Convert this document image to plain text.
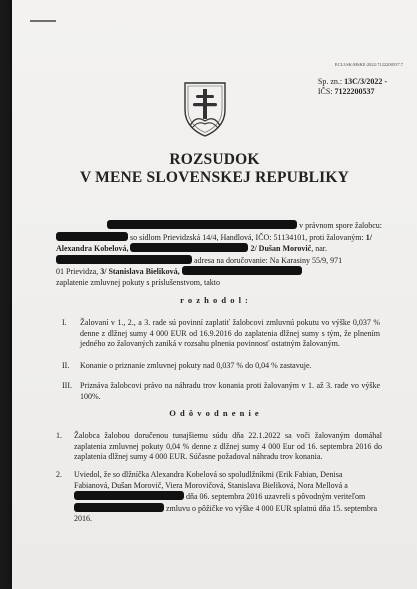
ECLI:SK:MSKE:2022:7122200537.7
Sp. zn.: 13C/3/2022 -
IČS: 7122200537
ROZSUDOK
V MENE SLOVENSKEJ REPUBLIKY
v právnom spore žalobcu:
so sídlom Prievidzská 14/4, Handlová, IČO: 51134101, proti žalovaným: 1/
Alexandra Kobelová,	2/ Dušan Morovič, nar.
adresa na doručovanie: Na Karasiny 55/9, 971
01 Prievidza, 3/ Stanislava Bieliková,
zaplatenie zmluvnej pokuty s príslušenstvom, takto
r o z h o d o l :
I. Žalovaní v 1., 2., a 3. rade sú povinní zaplatiť žalobcovi zmluvnú pokutu vo výške 0,037 % denne z dlžnej sumy 4 000 EUR od 16.9.2016 do zaplatenia dlžnej sumy s tým, že plnením jedného zo žalovaných zaniká v rozsahu plnenia povinnosť ostatným žalovaným.
II. Konanie o priznanie zmluvnej pokuty nad 0,037 % do 0,04 % zastavuje.
III. Priznáva žalobcovi právo na náhradu trov konania proti žalovaným v 1. až 3. rade vo výške 100%.
O d ô v o d n e n i e
1. Žalobca žalobou doručenou tunajšiemu súdu dňa 22.1.2022 sa voči žalovaným domáhal zaplatenia zmluvnej pokuty 0,04 % denne z dlžnej sumy 4 000 Eur od 16. septembra 2016 do zaplatenia dlžnej sumy 4 000 EUR. Súčasne požadoval náhradu trov konania.
2. Uviedol, že so dlžníčka Alexandra Kobelová so spoludlžníkmi (Erik Fabian, Denisa
Fabianová, Dušan Morovič, Viera Morovičová, Stanislava Bieliková, Nora Mellová a
dňa 06. septembra 2016 uzavreli s pôvodným veriteľom
zmluvu o pôžičke vo výške 4 000 EUR splatnú dňa 15. septembra
2016.
